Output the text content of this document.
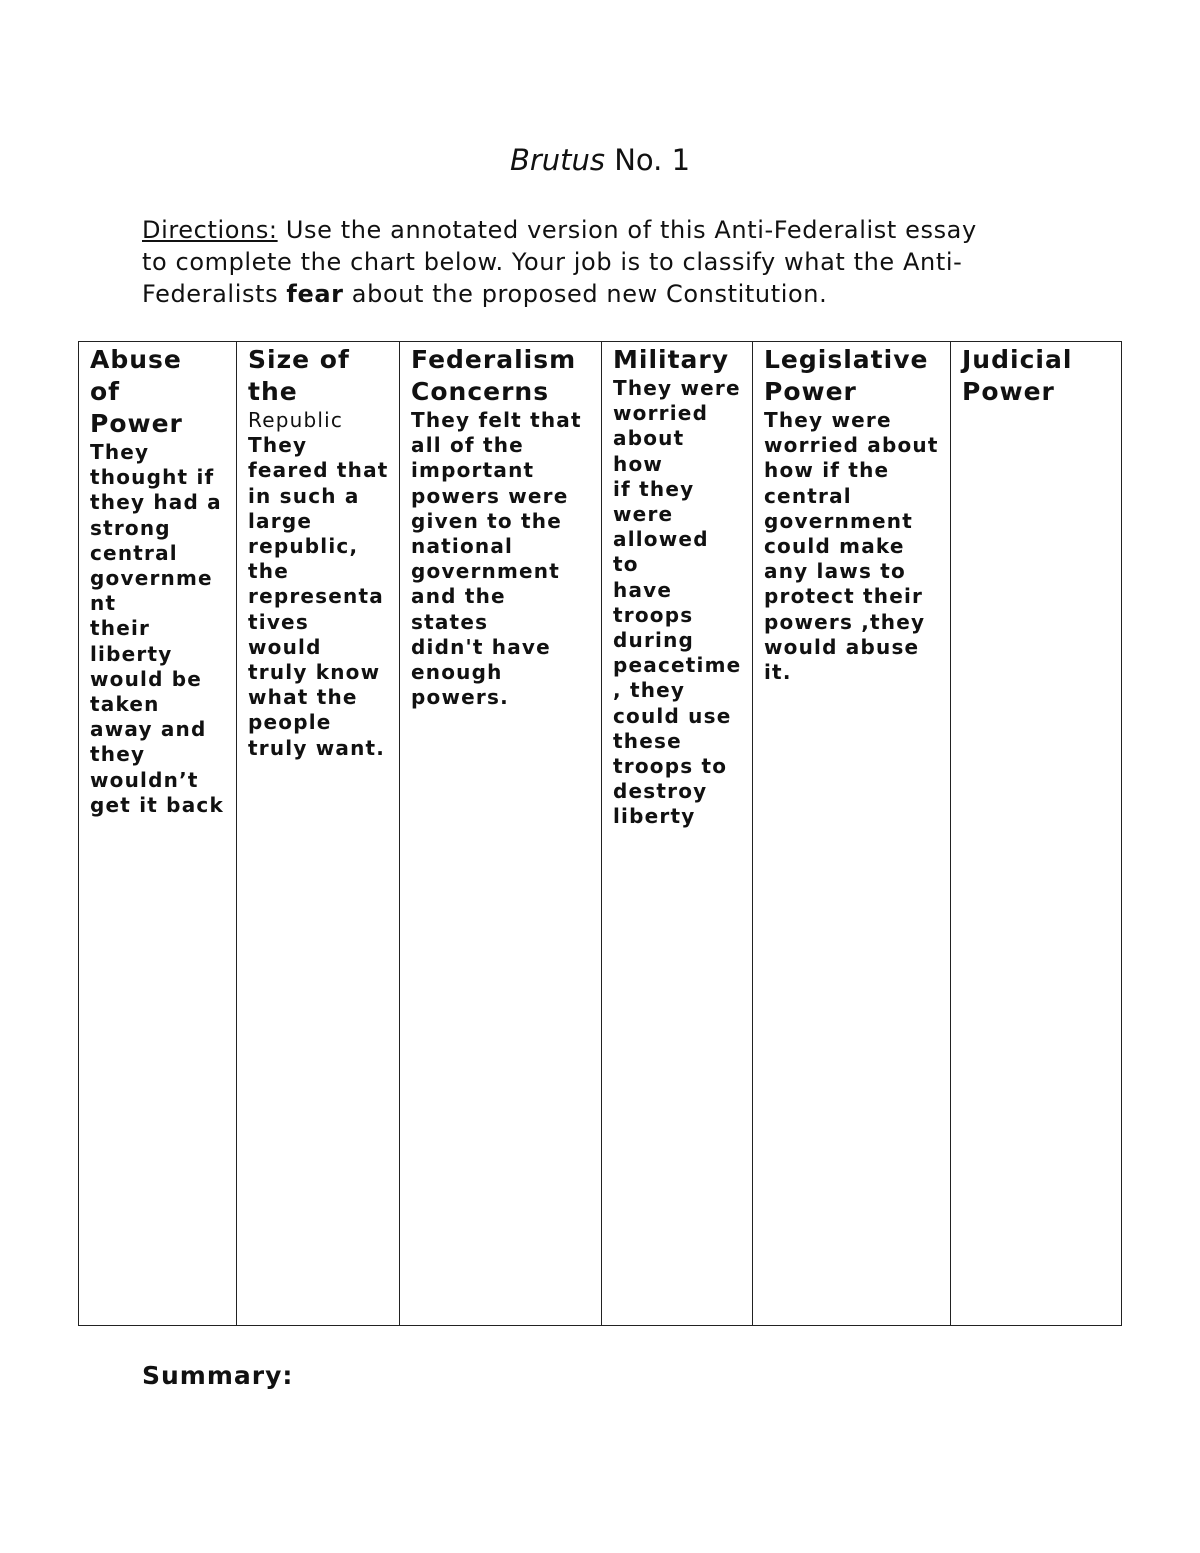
Brutus No. 1
Directions: Use the annotated version of this Anti-Federalist essay
to complete the chart below. Your job is to classify what the Anti-
Federalists fear about the proposed new Constitution.
Abuse
of
Power
They
thought if
they had a
strong
central
governme
nt
their
liberty
would be
taken
away and
they
wouldn’t
get it back

Size of
the
Republic
They
feared that
in such a
large
republic,
the
representa
tives would
truly know
what the
people
truly want.

Federalism
Concerns
They felt that
all of the
important
powers were
given to the
national
government
and the states
didn't have
enough
powers.

Military
They were
worried
about how
if they
were
allowed to
have
troops
during
peacetime
, they
could use
these
troops to
destroy
liberty

Legislative
Power
They were
worried about
how if the
central
government
could make
any laws to
protect their
powers ,they
would abuse
it.

Judicial
Power
Summary:
